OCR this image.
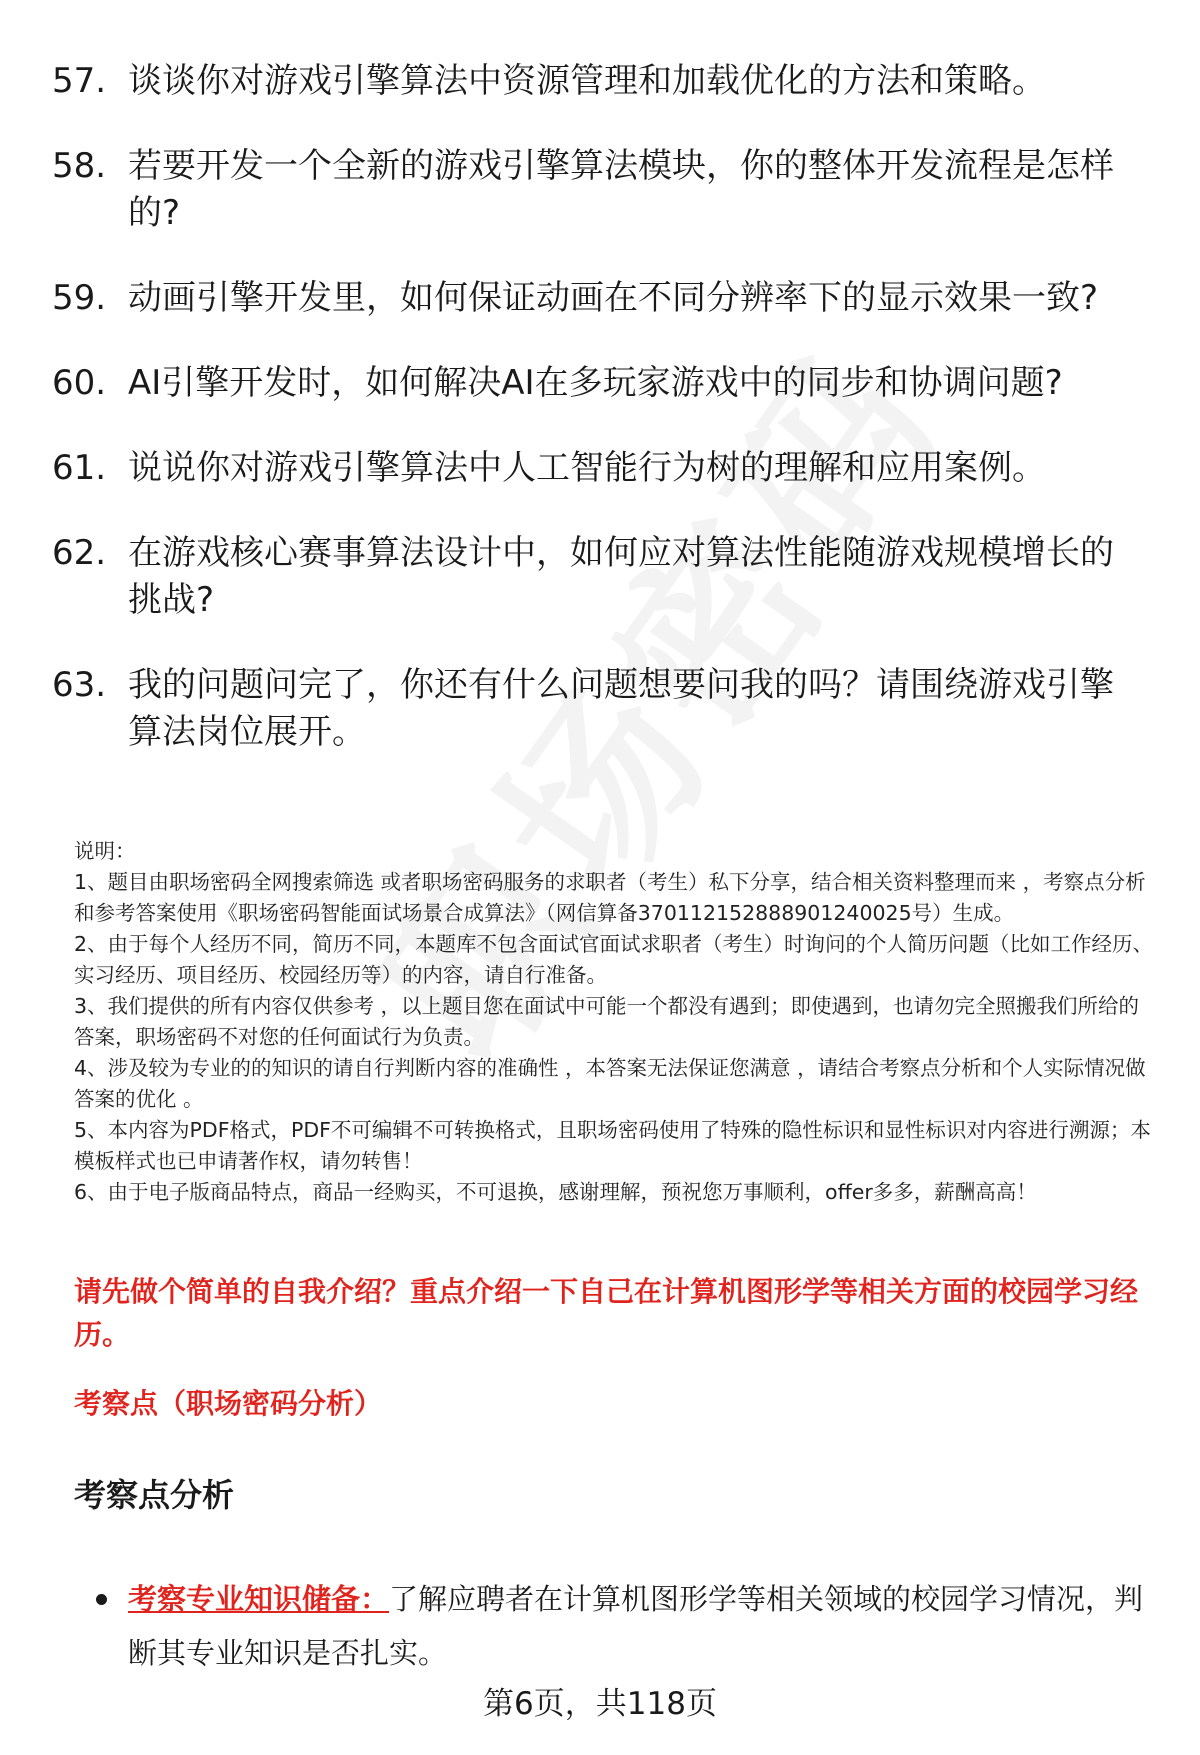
57. 谈谈你对游戏引擎算法中资源管理和加载优化的方法和策略。
58. 若要开发一个全新的游戏引擎算法模块，你的整体开发流程是怎样的?
59. 动画引擎开发里，如何保证动画在不同分辨率下的显示效果一致?
60. AI引擎开发时，如何解决AI在多玩家游戏中的同步和协调问题?
61. 说说你对游戏引擎算法中人工智能行为树的理解和应用案例。
62. 在游戏核心赛事算法设计中，如何应对算法性能随游戏规模增长的挑战?
63. 我的问题问完了，你还有什么问题想要问我的吗？请围绕游戏引擎算法岗位展开。

说明：

1、题目由职场密码全网搜索筛选 或者职场密码服务的求职者（考生）私下分享，结合相关资料整理而来 ，考察点分析和参考答案使用《职场密码智能面试场景合成算法》（网信算备370112152888901240025号）生成。

2、由于每个人经历不同，简历不同，本题库不包含面试官面试求职者（考生）时询问的个人简历问题（比如工作经历、实习经历、项目经历、校园经历等）的内容，请自行准备。

3、我们提供的所有内容仅供参考 ，以上题目您在面试中可能一个都没有遇到；即使遇到，也请勿完全照搬我们所给的答案，职场密码不对您的任何面试行为负责。

4、涉及较为专业的的知识的请自行判断内容的准确性 ，本答案无法保证您满意 ，请结合考察点分析和个人实际情况做答案的优化 。

5、本内容为PDF格式，PDF不可编辑不可转换格式，且职场密码使用了特殊的隐性标识和显性标识对内容进行溯源；本模板样式也已申请著作权，请勿转售！

6、由于电子版商品特点，商品一经购买，不可退换，感谢理解，预祝您万事顺利，offer多多，薪酬高高！

请先做个简单的自我介绍？重点介绍一下自己在计算机图形学等相关方面的校园学习经历。
考察点（职场密码分析）
考察点分析
考察专业知识储备：了解应聘者在计算机图形学等相关领域的校园学习情况，判断其专业知识是否扎实。
第6页，共118页
